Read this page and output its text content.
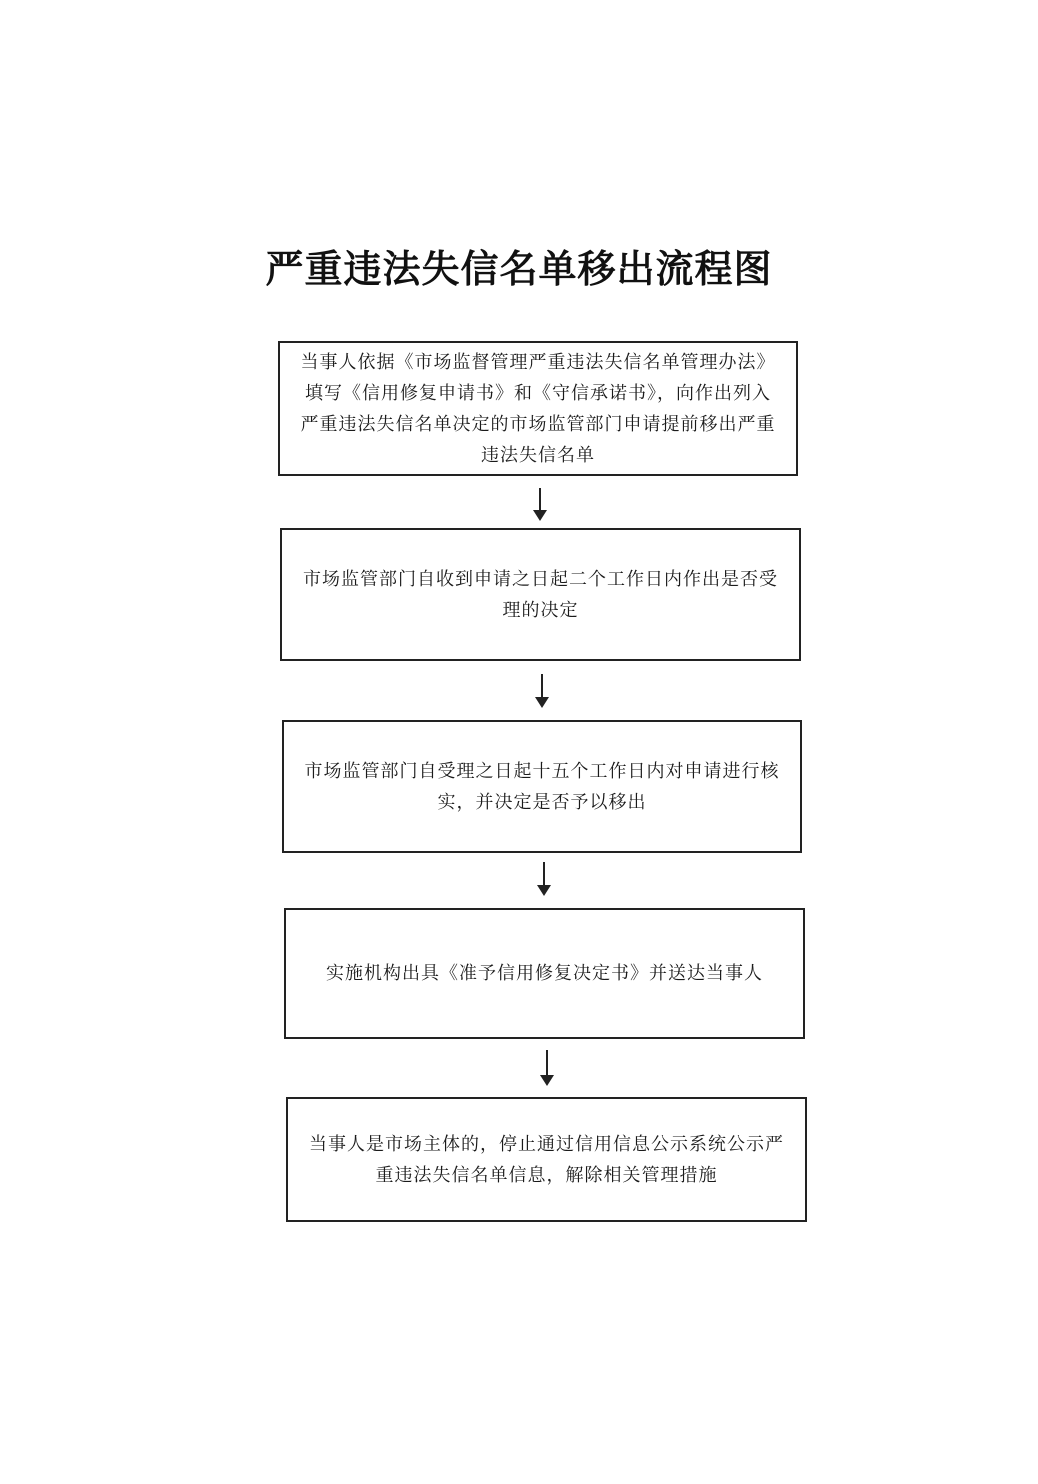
严重违法失信名单移出流程图
当事人依据《市场监督管理严重违法失信名单管理办法》填写《信用修复申请书》和《守信承诺书》，向作出列入严重违法失信名单决定的市场监管部门申请提前移出严重违法失信名单
市场监管部门自收到申请之日起二个工作日内作出是否受理的决定
市场监管部门自受理之日起十五个工作日内对申请进行核实，并决定是否予以移出
实施机构出具《准予信用修复决定书》并送达当事人
当事人是市场主体的，停止通过信用信息公示系统公示严重违法失信名单信息，解除相关管理措施
